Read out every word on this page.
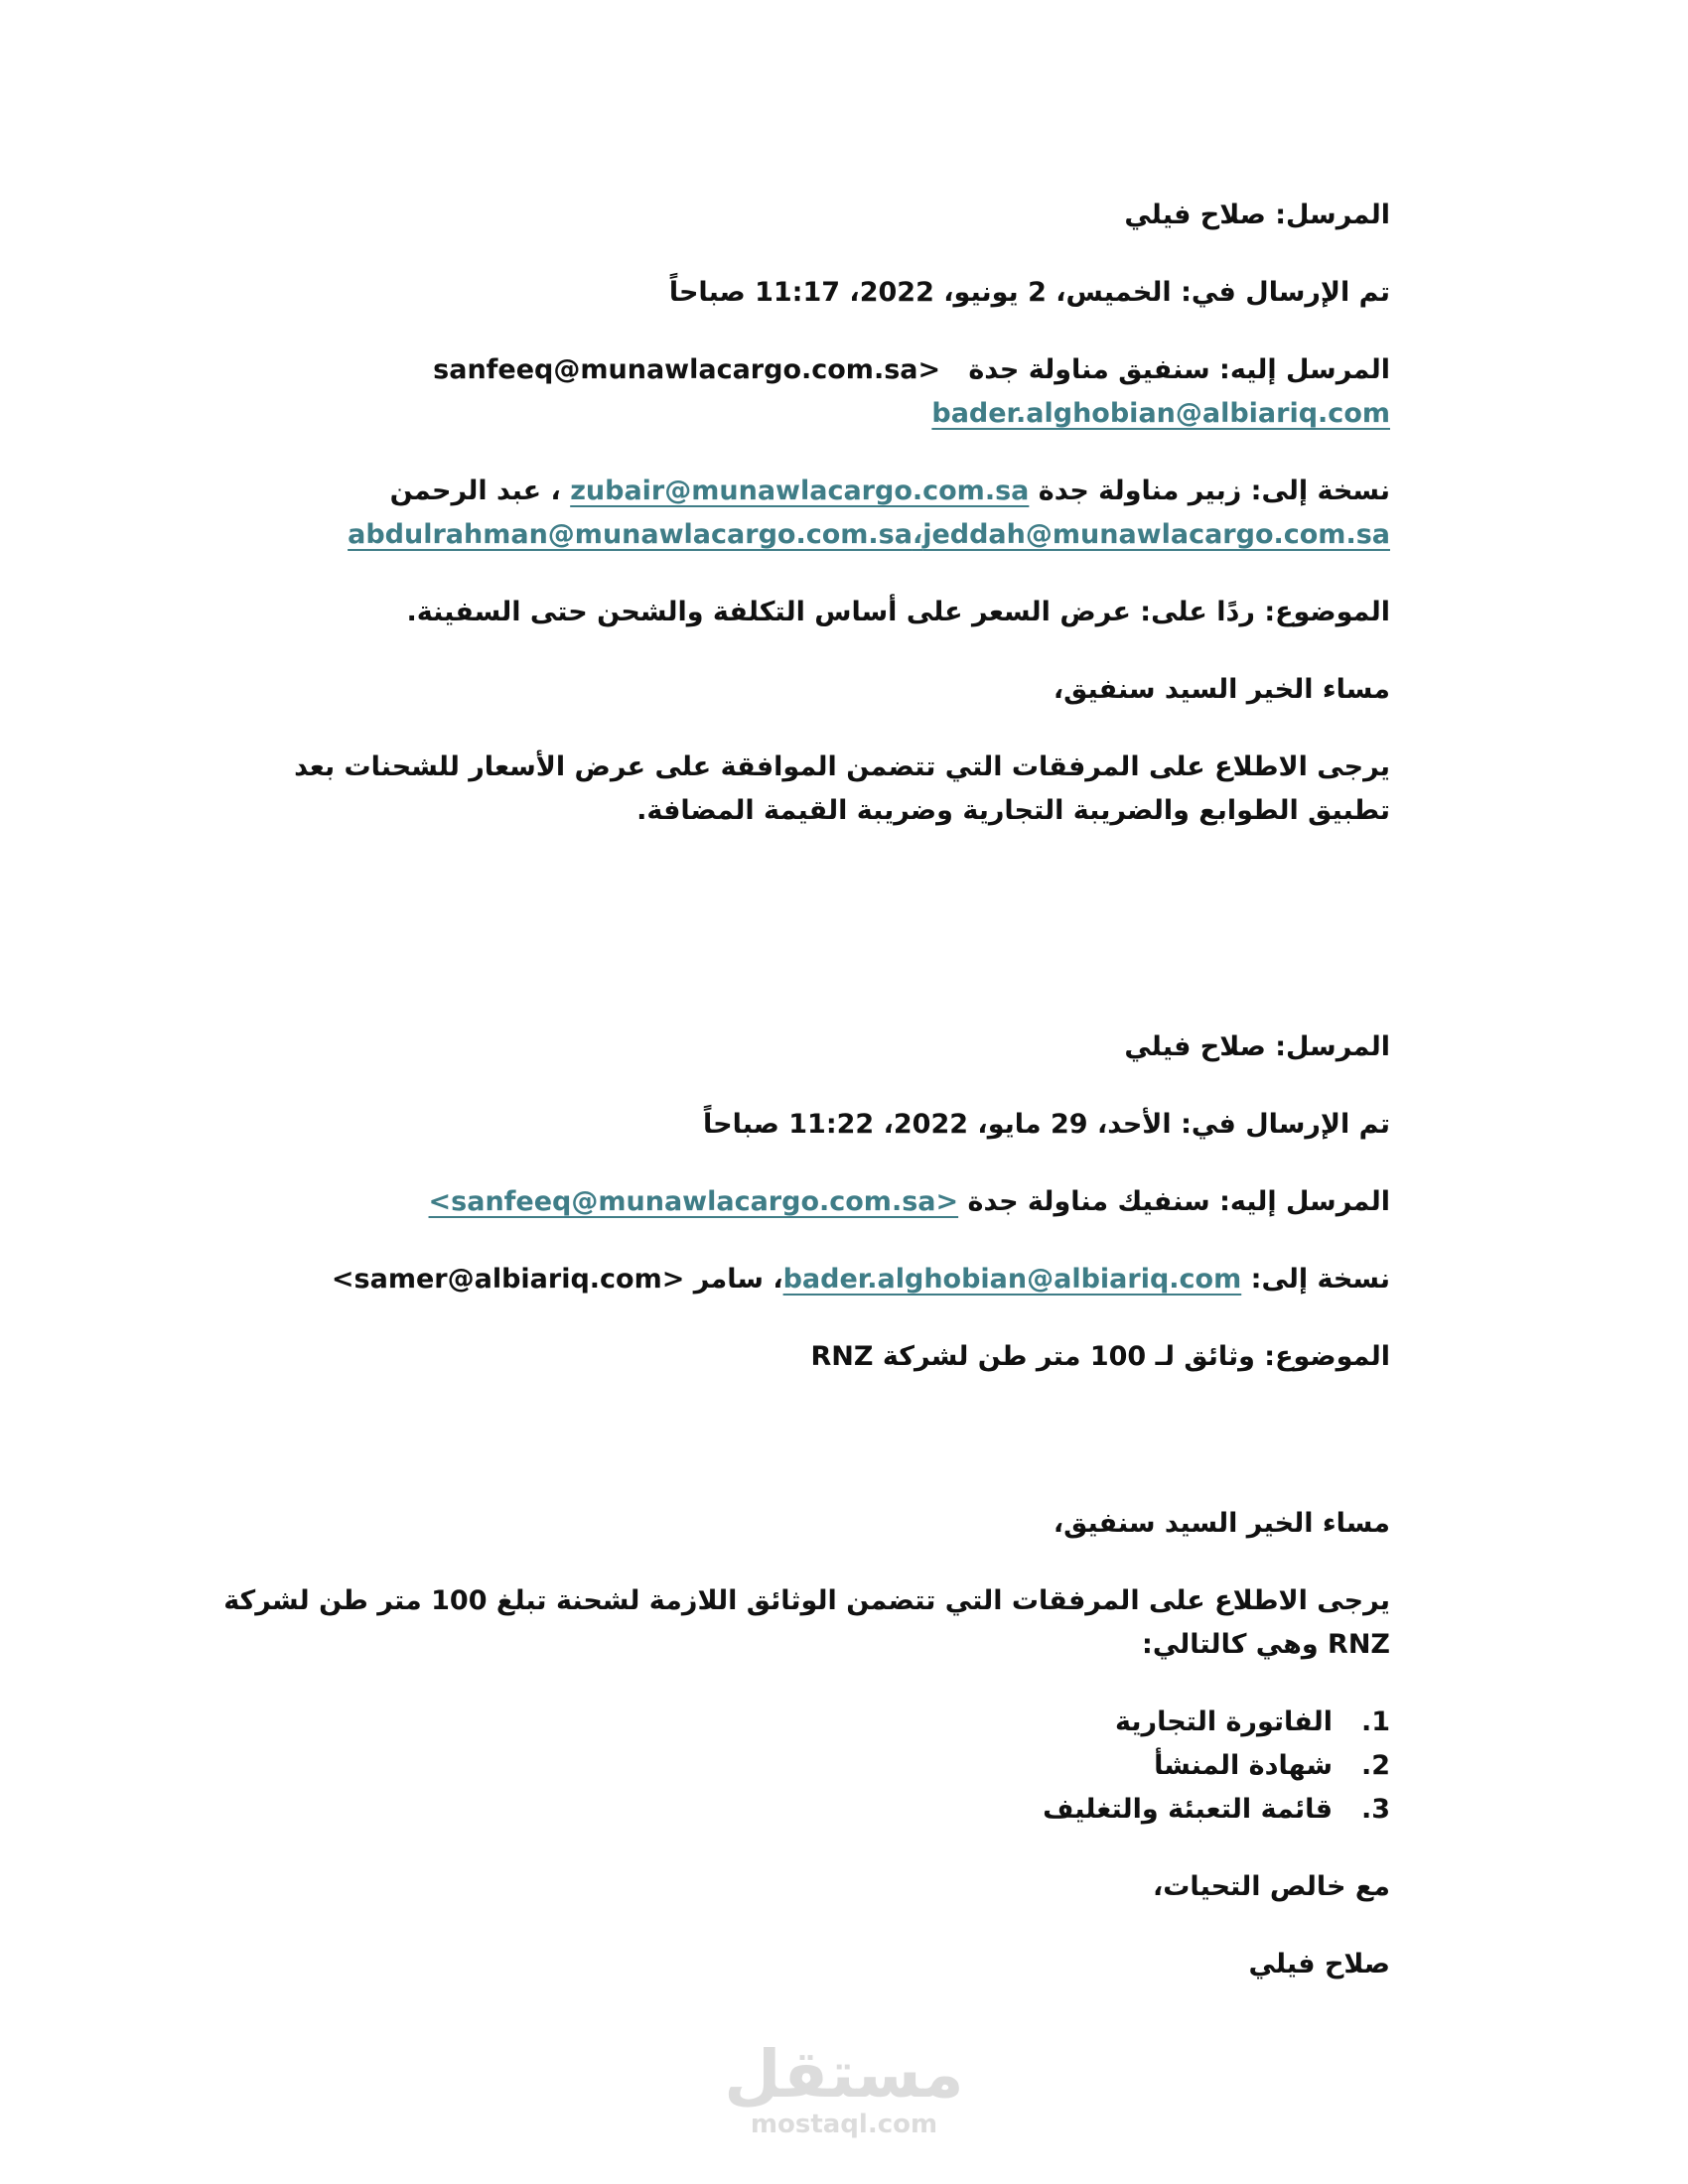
المرسل: صلاح فيلي

تم الإرسال في: الخميس، 2 يونيو، 2022، 11:17 صباحاً

المرسل إليه: سنفيق مناولة جدة   <sanfeeq@munawlacargo.com.sa
bader.alghobian@albiariq.com

نسخة إلى: زبير مناولة جدة zubair@munawlacargo.com.sa ، عبد الرحمن
abdulrahman@munawlacargo.com.sa،jeddah@munawlacargo.com.sa

الموضوع: ردًا على: عرض السعر على أساس التكلفة والشحن حتى السفينة.

مساء الخير السيد سنفيق،

يرجى الاطلاع على المرفقات التي تتضمن الموافقة على عرض الأسعار للشحنات بعد تطبيق الطوابع والضريبة التجارية وضريبة القيمة المضافة.

المرسل: صلاح فيلي

تم الإرسال في: الأحد، 29 مايو، 2022، 11:22 صباحاً

المرسل إليه: سنفيك مناولة جدة <sanfeeq@munawlacargo.com.sa>

نسخة إلى: bader.alghobian@albiariq.com، سامر <samer@albiariq.com>

الموضوع: وثائق لـ 100 متر طن لشركة RNZ

مساء الخير السيد سنفيق،

يرجى الاطلاع على المرفقات التي تتضمن الوثائق اللازمة لشحنة تبلغ 100 متر طن لشركة RNZ وهي كالتالي:

1.
الفاتورة التجارية
2.
شهادة المنشأ
3.
قائمة التعبئة والتغليف

مع خالص التحيات،

صلاح فيلي

مستقل
mostaql.com
